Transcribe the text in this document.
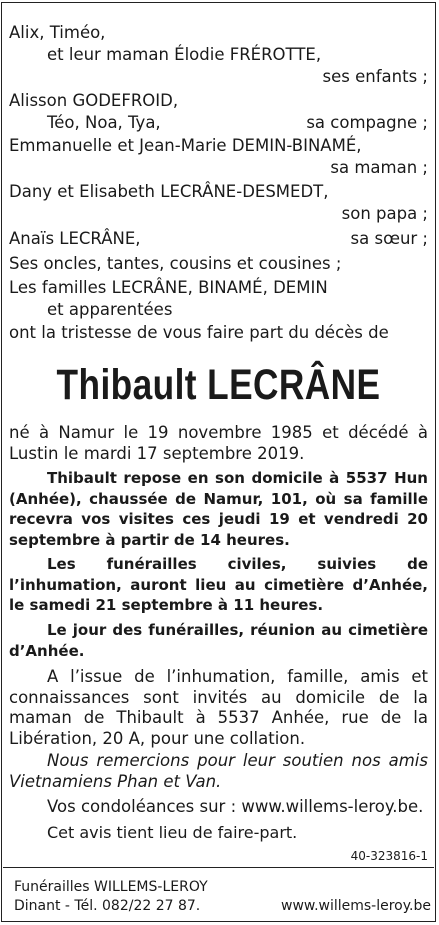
Alix, Timéo,
et leur maman Élodie FRÉROTTE,
ses enfants ;
Alisson GODEFROID,
Téo, Noa, Tya,	sa compagne ;
Emmanuelle et Jean-Marie DEMIN-BINAMÉ,
sa maman ;
Dany et Elisabeth LECRÂNE-DESMEDT,
son papa ;
Anaïs LECRÂNE,	sa sœur ;
Ses oncles, tantes, cousins et cousines ;
Les familles LECRÂNE, BINAMÉ, DEMIN
et apparentées
ont la tristesse de vous faire part du décès de
Thibault LECRÂNE
né à Namur le 19 novembre 1985 et décédé à Lustin le mardi 17 septembre 2019.
Thibault repose en son domicile à 5537 Hun (Anhée), chaussée de Namur, 101, où sa famille recevra vos visites ces jeudi 19 et vendredi 20 septembre à partir de 14 heures.
Les funérailles civiles, suivies de l’inhumation, auront lieu au cimetière d’Anhée, le samedi 21 septembre à 11 heures.
Le jour des funérailles, réunion au cimetière d’Anhée.
A l’issue de l’inhumation, famille, amis et connaissances sont invités au domicile de la maman de Thibault à 5537 Anhée, rue de la Libération, 20 A, pour une collation.
Nous remercions pour leur soutien nos amis Vietnamiens Phan et Van.
Vos condoléances sur : www.willems-leroy.be.
Cet avis tient lieu de faire-part.
40-323816-1
Funérailles WILLEMS-LEROY
Dinant - Tél. 082/22 27 87.	www.willems-leroy.be
